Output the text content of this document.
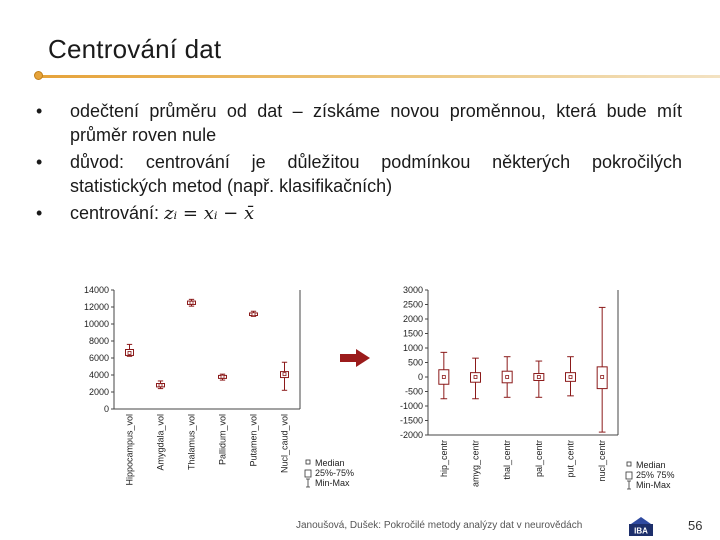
Centrování dat
• odečtení průměru od dat – získáme novou proměnnou, která bude mít průměr roven nule
• důvod: centrování je důležitou podmínkou některých pokročilých statistických metod (např. klasifikačních)
• centrování: zᵢ = xᵢ − x̄
0
2000
4000
6000
8000
10000
12000
14000
Hippocampus_vol Amygdala_vol Thalamus_vol Pallidum_vol Putamen_vol Nucl_caud_vol	Median
25%-75%
Min-Max
-2000
-1500
-1000
-500
0
500
1000
1500
2000
2500
3000
hip_centr amyg_centr thal_centr pal_centr put_centr nucl_centr	Median
25% 75%
Min-Max
Janoušová, Dušek: Pokročilé metody analýzy dat v neurovědách	IBA	56
